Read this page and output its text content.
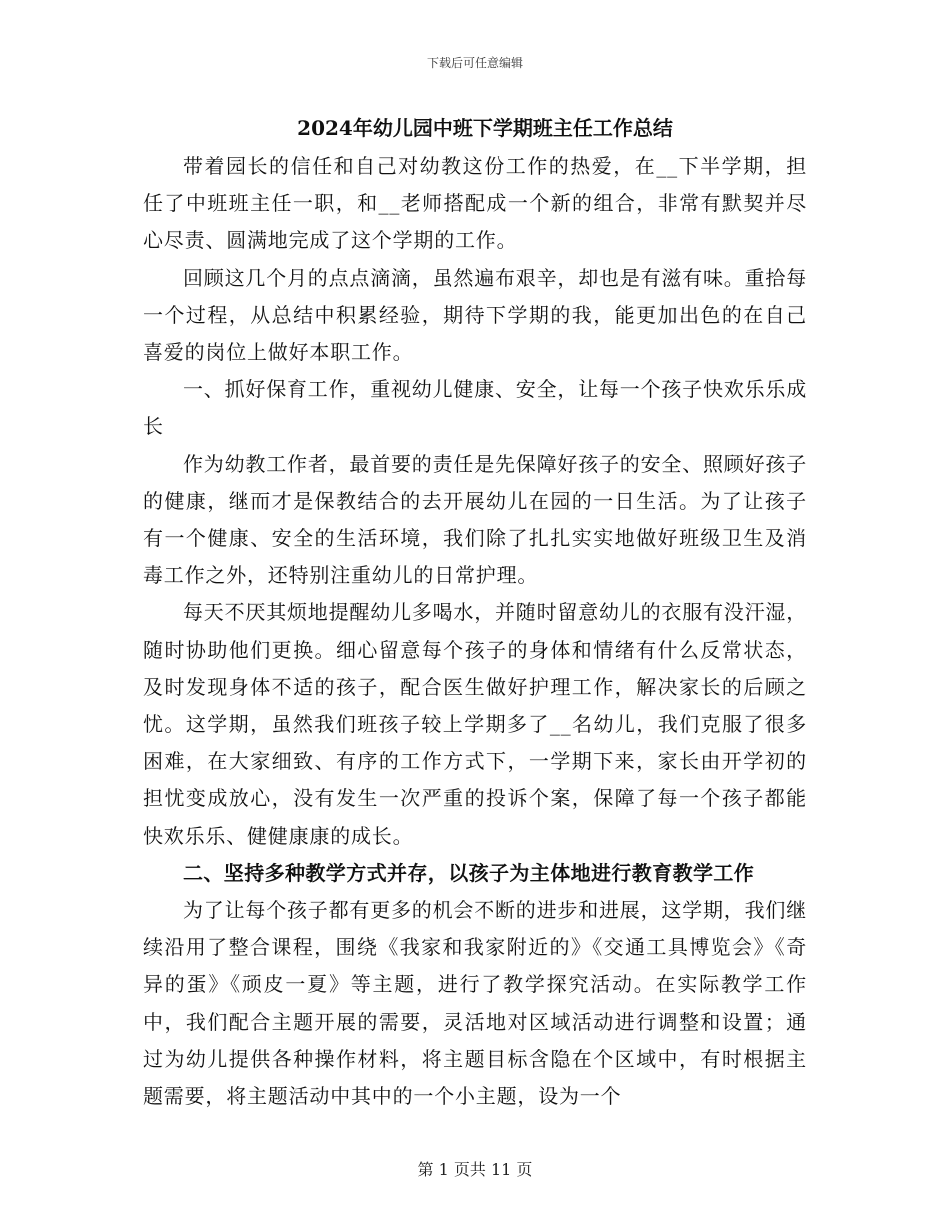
下载后可任意编辑
2024年幼儿园中班下学期班主任工作总结

带着园长的信任和自己对幼教这份工作的热爱，在__下半学期，担任了中班班主任一职，和__老师搭配成一个新的组合，非常有默契并尽心尽责、圆满地完成了这个学期的工作。

回顾这几个月的点点滴滴，虽然遍布艰辛，却也是有滋有味。重拾每一个过程，从总结中积累经验，期待下学期的我，能更加出色的在自己喜爱的岗位上做好本职工作。

一、抓好保育工作，重视幼儿健康、安全，让每一个孩子快欢乐乐成长

作为幼教工作者，最首要的责任是先保障好孩子的安全、照顾好孩子的健康，继而才是保教结合的去开展幼儿在园的一日生活。为了让孩子有一个健康、安全的生活环境，我们除了扎扎实实地做好班级卫生及消毒工作之外，还特别注重幼儿的日常护理。

每天不厌其烦地提醒幼儿多喝水，并随时留意幼儿的衣服有没汗湿，随时协助他们更换。细心留意每个孩子的身体和情绪有什么反常状态，及时发现身体不适的孩子，配合医生做好护理工作，解决家长的后顾之忧。这学期，虽然我们班孩子较上学期多了__名幼儿，我们克服了很多困难，在大家细致、有序的工作方式下，一学期下来，家长由开学初的担忧变成放心，没有发生一次严重的投诉个案，保障了每一个孩子都能快欢乐乐、健健康康的成长。

二、坚持多种教学方式并存，以孩子为主体地进行教育教学工作

为了让每个孩子都有更多的机会不断的进步和进展，这学期，我们继续沿用了整合课程，围绕《我家和我家附近的》《交通工具博览会》《奇异的蛋》《顽皮一夏》等主题，进行了教学探究活动。在实际教学工作中，我们配合主题开展的需要，灵活地对区域活动进行调整和设置；通过为幼儿提供各种操作材料，将主题目标含隐在个区域中，有时根据主题需要，将主题活动中其中的一个小主题，设为一个

第 1 页共 11 页
